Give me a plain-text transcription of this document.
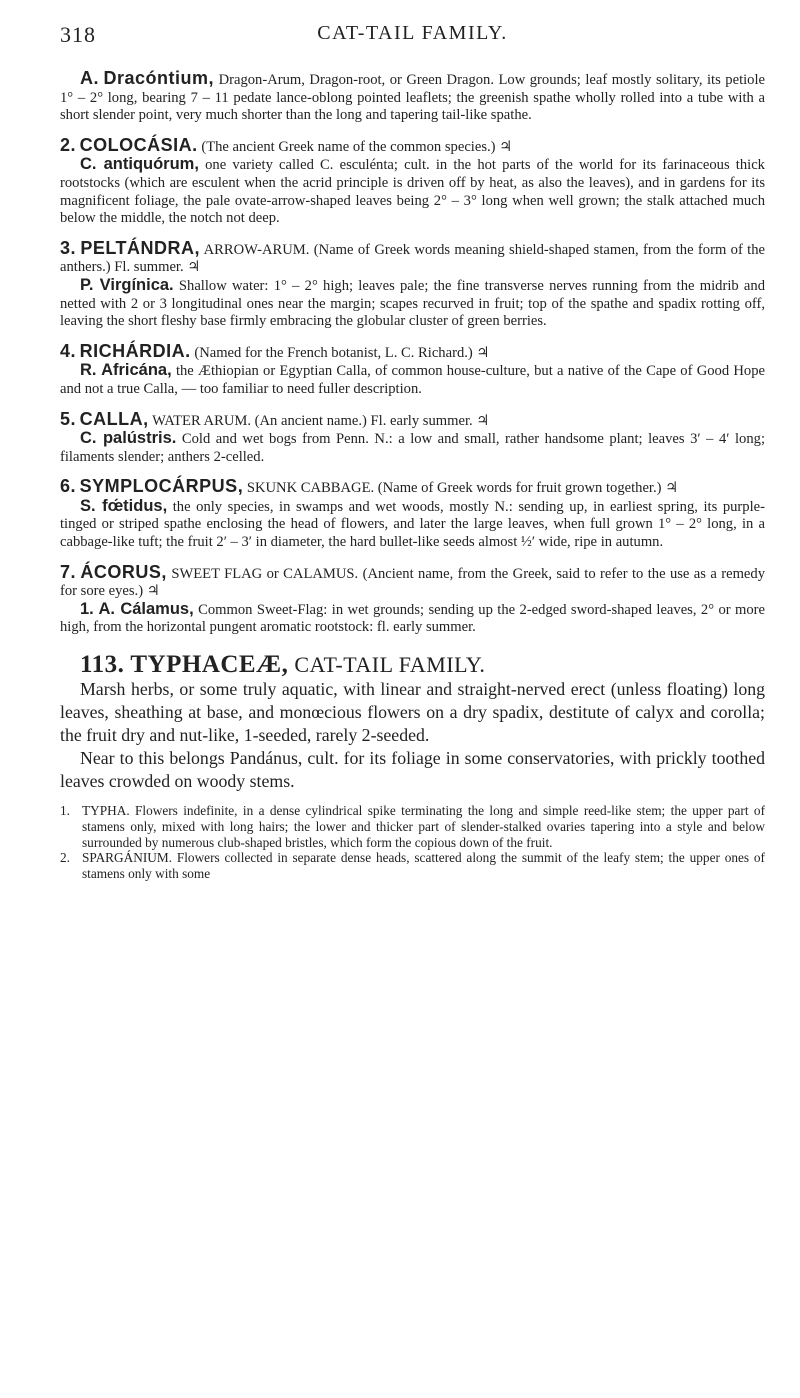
318	CAT-TAIL FAMILY.

A. Dracóntium, Dragon-Arum, Dragon-root, or Green Dragon. Low grounds; leaf mostly solitary, its petiole 1° – 2° long, bearing 7 – 11 pedate lance-oblong pointed leaflets; the greenish spathe wholly rolled into a tube with a short slender point, very much shorter than the long and tapering tail-like spathe.

2. COLOCÁSIA. (The ancient Greek name of the common species.) ♃

C. antiquórum, one variety called C. esculénta; cult. in the hot parts of the world for its farinaceous thick rootstocks (which are esculent when the acrid principle is driven off by heat, as also the leaves), and in gardens for its magnificent foliage, the pale ovate-arrow-shaped leaves being 2° – 3° long when well grown; the stalk attached much below the middle, the notch not deep.

3. PELTÁNDRA, ARROW-ARUM. (Name of Greek words meaning shield-shaped stamen, from the form of the anthers.) Fl. summer. ♃

P. Virgínica. Shallow water: 1° – 2° high; leaves pale; the fine transverse nerves running from the midrib and netted with 2 or 3 longitudinal ones near the margin; scapes recurved in fruit; top of the spathe and spadix rotting off, leaving the short fleshy base firmly embracing the globular cluster of green berries.

4. RICHÁRDIA. (Named for the French botanist, L. C. Richard.) ♃

R. Africána, the Æthiopian or Egyptian Calla, of common house-culture, but a native of the Cape of Good Hope and not a true Calla, — too familiar to need fuller description.

5. CALLA, WATER ARUM. (An ancient name.) Fl. early summer. ♃

C. palústris. Cold and wet bogs from Penn. N.: a low and small, rather handsome plant; leaves 3′ – 4′ long; filaments slender; anthers 2-celled.

6. SYMPLOCÁRPUS, SKUNK CABBAGE. (Name of Greek words for fruit grown together.) ♃

S. fœ́tidus, the only species, in swamps and wet woods, mostly N.: sending up, in earliest spring, its purple-tinged or striped spathe enclosing the head of flowers, and later the large leaves, when full grown 1° – 2° long, in a cabbage-like tuft; the fruit 2′ – 3′ in diameter, the hard bullet-like seeds almost ½′ wide, ripe in autumn.

7. ÁCORUS, SWEET FLAG or CALAMUS. (Ancient name, from the Greek, said to refer to the use as a remedy for sore eyes.) ♃

1. A. Cálamus, Common Sweet-Flag: in wet grounds; sending up the 2-edged sword-shaped leaves, 2° or more high, from the horizontal pungent aromatic rootstock: fl. early summer.

113. TYPHACEÆ, CAT-TAIL FAMILY.

Marsh herbs, or some truly aquatic, with linear and straight-nerved erect (unless floating) long leaves, sheathing at base, and monœcious flowers on a dry spadix, destitute of calyx and corolla; the fruit dry and nut-like, 1-seeded, rarely 2-seeded.

Near to this belongs Pandánus, cult. for its foliage in some conservatories, with prickly toothed leaves crowded on woody stems.

1. TYPHA. Flowers indefinite, in a dense cylindrical spike terminating the long and simple reed-like stem; the upper part of stamens only, mixed with long hairs; the lower and thicker part of slender-stalked ovaries tapering into a style and below surrounded by numerous club-shaped bristles, which form the copious down of the fruit.
2. SPARGÁNIUM. Flowers collected in separate dense heads, scattered along the summit of the leafy stem; the upper ones of stamens only with some
